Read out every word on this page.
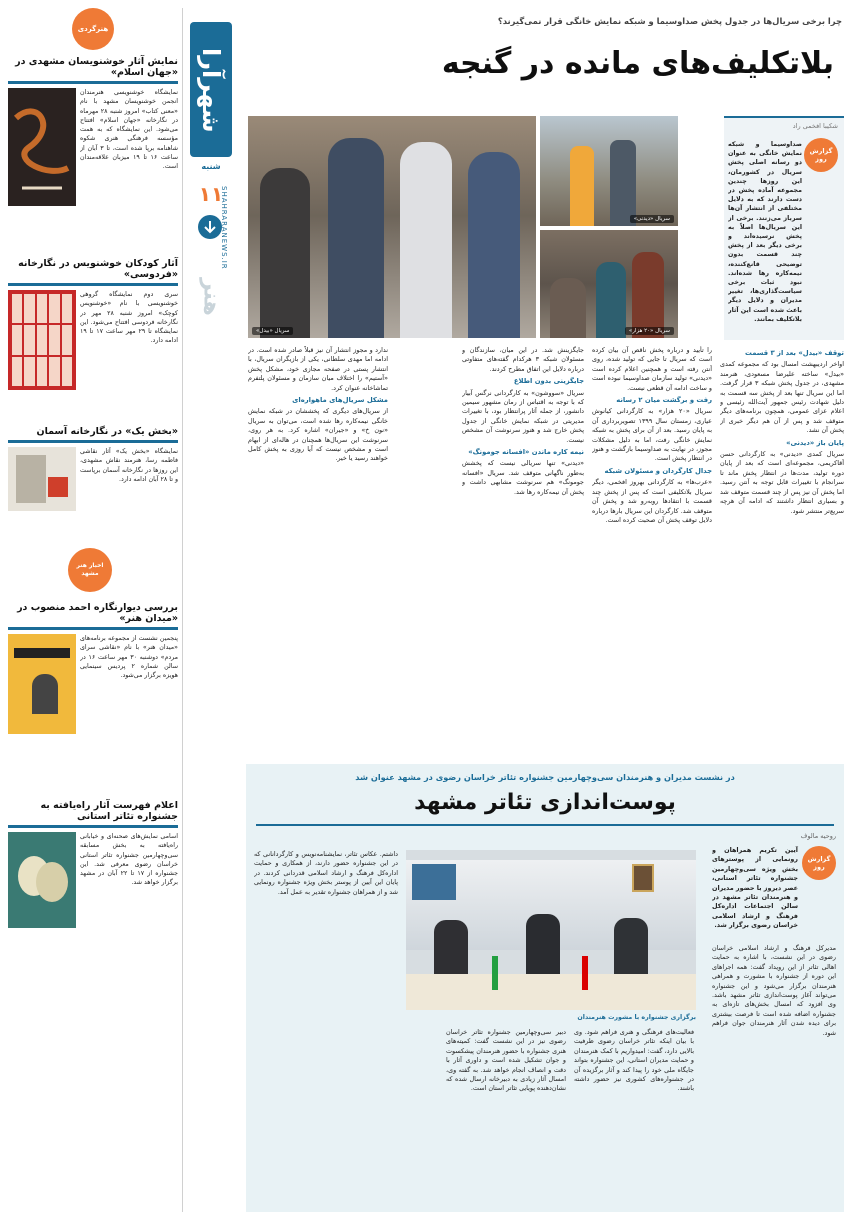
چرا برخی سریال‌ها در جدول پخش صداوسیما و شبکه نمایش خانگی قرار نمی‌گیرند؟
بلاتکلیف‌های مانده در گنجه
شهرآرا
شنبه
۱۱
هنر
SHAHRARANEWS.IR
شکیبا افخمی راد
گزارش روز
صداوسیما و شبکه نمایش خانگی به عنوان دو رسانه اصلی پخش سریال در کشورمان، این روزها چندین مجموعه آماده پخش در دست دارند که به دلایل مختلفی از انتشار آن‌ها سرباز می‌زنند. برخی از این سریال‌ها اصلاً به پخش نرسیده‌اند و برخی دیگر بعد از پخش چند قسمت بدون توضیحی قانع‌کننده، نیمه‌کاره رها شده‌اند. نبود ثبات برخی سیاست‌گذاری‌ها، تغییر مدیران و دلایل دیگر باعث شده است این آثار بلاتکلیف بمانند.
سریال «دیدنی»
سریال «بیدل»	سریال «۲۰ هزار»
توقف «بیدل» بعد از ۳ قسمت

اواخر اردیبهشت امسال بود که مجموعه کمدی «بیدل» ساخته علیرضا مسعودی، هنرمند مشهدی، در جدول پخش شبکه ۳ قرار گرفت. اما این سریال تنها بعد از پخش سه قسمت به دلیل شهادت رئیس جمهور آیت‌الله رئیسی و اعلام عزای عمومی، همچون برنامه‌های دیگر متوقف شد و پس از آن هم دیگر خبری از پخش آن نشد.

پایان باز «دیدنی»

سریال کمدی «دیدنی» به کارگردانی حسن آقاکریمی، مجموعه‌ای است که بعد از پایان دوره تولید، مدت‌ها در انتظار پخش ماند تا سرانجام با تغییرات قابل توجه به آنتن رسید. اما پخش آن نیز پس از چند قسمت متوقف شد و بسیاری انتظار داشتند که ادامه آن هرچه سریع‌تر منتشر شود.

را تأیید و درباره پخش ناقص آن بیان کرده است که سریال تا جایی که تولید شده، روی آنتن رفته است و همچنین اعلام کرده است «دیدنی» تولید سازمان صداوسیما نبوده است و ساخت ادامه آن قطعی نیست.

رفت و برگشت میان ۲ رسانه

سریال «۲۰ هزار» به کارگردانی کیانوش عیاری، زمستان سال ۱۳۹۹ تصویربرداری آن به پایان رسید. بعد از آن برای پخش به شبکه نمایش خانگی رفت، اما به دلیل مشکلات مجوز، در نهایت به صداوسیما بازگشت و هنوز در انتظار پخش است.

جدال کارگردان و مسئولان شبکه

«عرب‌ها» به کارگردانی بهروز افخمی، دیگر سریال بلاتکلیفی است که پس از پخش چند قسمت با انتقادها روبه‌رو شد و پخش آن متوقف شد. کارگردان این سریال بارها درباره دلایل توقف پخش آن صحبت کرده است.

جایگزینش شد. در این میان، سازندگان و مسئولان شبکه ۳ هرکدام گفته‌های متفاوتی درباره دلایل این اتفاق مطرح کردند.

جایگزینی بدون اطلاع

سریال «سووشون» به کارگردانی نرگس آبیار که با توجه به اقتباس از رمان مشهور سیمین دانشور، از جمله آثار پرانتظار بود، با تغییرات مدیریتی در شبکه نمایش خانگی از جدول پخش خارج شد و هنوز سرنوشت آن مشخص نیست.

نیمه کاره ماندن «افسانه جومونگ»

«دیدنی» تنها سریالی نیست که پخشش به‌طور ناگهانی متوقف شد. سریال «افسانه جومونگ» هم سرنوشت مشابهی داشت و پخش آن نیمه‌کاره رها شد.

ندارد و مجوز انتشار آن نیز قبلاً صادر شده است. در ادامه اما مهدی سلطانی، یکی از بازیگران سریال، با انتشار پستی در صفحه مجازی خود، مشکل پخش «آستیم» را اختلاف میان سازمان و مسئولان پلتفرم تماشاخانه عنوان کرد.

مشکل سریال‌های ماهواره‌ای

از سریال‌های دیگری که پخششان در شبکه نمایش خانگی نیمه‌کاره رها شده است، می‌توان به سریال «نون خ» و «جیران» اشاره کرد. به هر روی، سرنوشت این سریال‌ها همچنان در هاله‌ای از ابهام است و مشخص نیست که آیا روزی به پخش کامل خواهند رسید یا خیر.

در نشست مدیران و هنرمندان سی‌وچهارمین جشنواره تئاتر خراسان رضوی در مشهد عنوان شد
پوست‌اندازی تئاتر مشهد
روحیه مالوف
گزارش روز
آیین تکریم همراهان و رونمایی از پوسترهای بخش ویژه سی‌وچهارمین جشنواره تئاتر استانی، عصر دیروز با حضور مدیران و هنرمندان تئاتر مشهد در سالن اجتماعات اداره‌کل فرهنگ و ارشاد اسلامی خراسان رضوی برگزار شد.
برگزاری جشنواره با مشورت هنرمندان
مدیرکل فرهنگ و ارشاد اسلامی خراسان رضوی در این نشست، با اشاره به حمایت اهالی تئاتر از این رویداد گفت: همه اجراهای این دوره از جشنواره با مشورت و همراهی هنرمندان برگزار می‌شود و این جشنواره می‌تواند آغاز پوست‌اندازی تئاتر مشهد باشد. وی افزود که امسال بخش‌های تازه‌ای به جشنواره اضافه شده است تا فرصت بیشتری برای دیده شدن آثار هنرمندان جوان فراهم شود.
فعالیت‌های فرهنگی و هنری فراهم شود. وی با بیان اینکه تئاتر خراسان رضوی ظرفیت بالایی دارد، گفت: امیدواریم با کمک هنرمندان و حمایت مدیران استانی، این جشنواره بتواند جایگاه ملی خود را پیدا کند و آثار برگزیده آن در جشنواره‌های کشوری نیز حضور داشته باشند.
دبیر سی‌وچهارمین جشنواره تئاتر خراسان رضوی نیز در این نشست گفت: کمیته‌های هنری جشنواره با حضور هنرمندان پیشکسوت و جوان تشکیل شده است و داوری آثار با دقت و انصاف انجام خواهد شد. به گفته وی، امسال آثار زیادی به دبیرخانه ارسال شده که نشان‌دهنده پویایی تئاتر استان است.
داشتم. عکاس تئاتر، نمایشنامه‌نویس و کارگردانانی که در این جشنواره حضور دارند، از همکاری و حمایت اداره‌کل فرهنگ و ارشاد اسلامی قدردانی کردند. در پایان این آیین از پوستر بخش ویژه جشنواره رونمایی شد و از همراهان جشنواره تقدیر به عمل آمد.
هنرگردی
نمایش آثار خوشنویسان مشهدی در «جهان اسلام»
نمایشگاه خوشنویسی هنرمندان انجمن خوشنویسان مشهد با نام «معنی کتاب» امروز شنبه ۲۸ مهرماه در نگارخانه «جهان اسلام» افتتاح می‌شود. این نمایشگاه که به همت مؤسسه فرهنگی هنری شکوه شاهنامه برپا شده است، تا ۳ آبان از ساعت ۱۶ تا ۱۹ میزبان علاقه‌مندان است.
آثار کودکان خوشنویس در نگارخانه «فردوسی»
سری دوم نمایشگاه گروهی خوشنویسی با نام «خوشنویس کوچک» امروز شنبه ۲۸ مهر در نگارخانه فردوسی افتتاح می‌شود. این نمایشگاه تا ۲۹ مهر ساعت ۱۷ تا ۱۹ ادامه دارد.
«بخش یک» در نگارخانه آسمان
نمایشگاه «بخش یک» آثار نقاشی فاطمه رسا، هنرمند نقاش مشهدی، این روزها در نگارخانه آسمان برپاست و تا ۲۸ آبان ادامه دارد.
اخبار هنر مشهد
بررسی دیوارنگاره احمد منصوب در «میدان هنر»
پنجمین نشست از مجموعه برنامه‌های «میدان هنر» با نام «نقاشی سرای مردم» دوشنبه ۳۰ مهر ساعت ۱۶ در سالن شماره ۲ پردیس سینمایی هویزه برگزار می‌شود.
اعلام فهرست آثار راه‌یافته به جشنواره تئاتر استانی
اسامی نمایش‌های صحنه‌ای و خیابانی راه‌یافته به بخش مسابقه سی‌وچهارمین جشنواره تئاتر استانی خراسان رضوی معرفی شد. این جشنواره از ۱۷ تا ۲۲ آبان در مشهد برگزار خواهد شد.
